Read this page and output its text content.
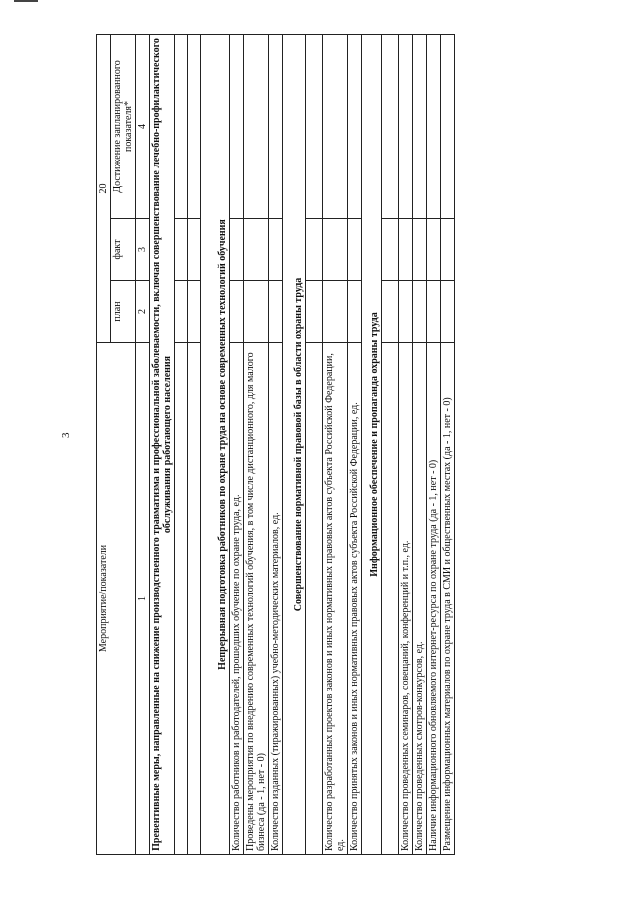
3
Мероприятие/показатели	20		
	план	факт	Достижение запланированного показателя*
1	2	3	4
Превентивные меры, направленные на снижение производственного травматизма и профессиональной заболеваемости, включая совершенствование лечебно-профилактического обслуживания работающего населения			

Непрерывная подготовка работников по охране труда на основе современных технологий обучения			
Количество работников и работодателей, прошедших обучение по охране труда, ед.			
Проведены мероприятия по внедрению современных технологий обучения, в том числе дистанционного, для малого бизнеса (да - 1, нет - 0)			
Количество изданных (тиражированных) учебно-методических материалов, ед.			
Совершенствование нормативной правовой базы в области охраны труда			

Количество разработанных проектов законов и иных нормативных правовых актов субъекта Российской Федерации, ед.			
Количество принятых законов и иных нормативных правовых актов субъекта Российской Федерации, ед.			
Информационное обеспечение и пропаганда охраны труда			

Количество проведенных семинаров, совещаний, конференций и т.п., ед.			
Количество проведенных смотров-конкурсов, ед.			
Наличие информационного обновляемого интернет-ресурса по охране труда (да - 1, нет - 0)			
Размещение информационных материалов по охране труда в СМИ и общественных местах (да - 1, нет - 0)			
